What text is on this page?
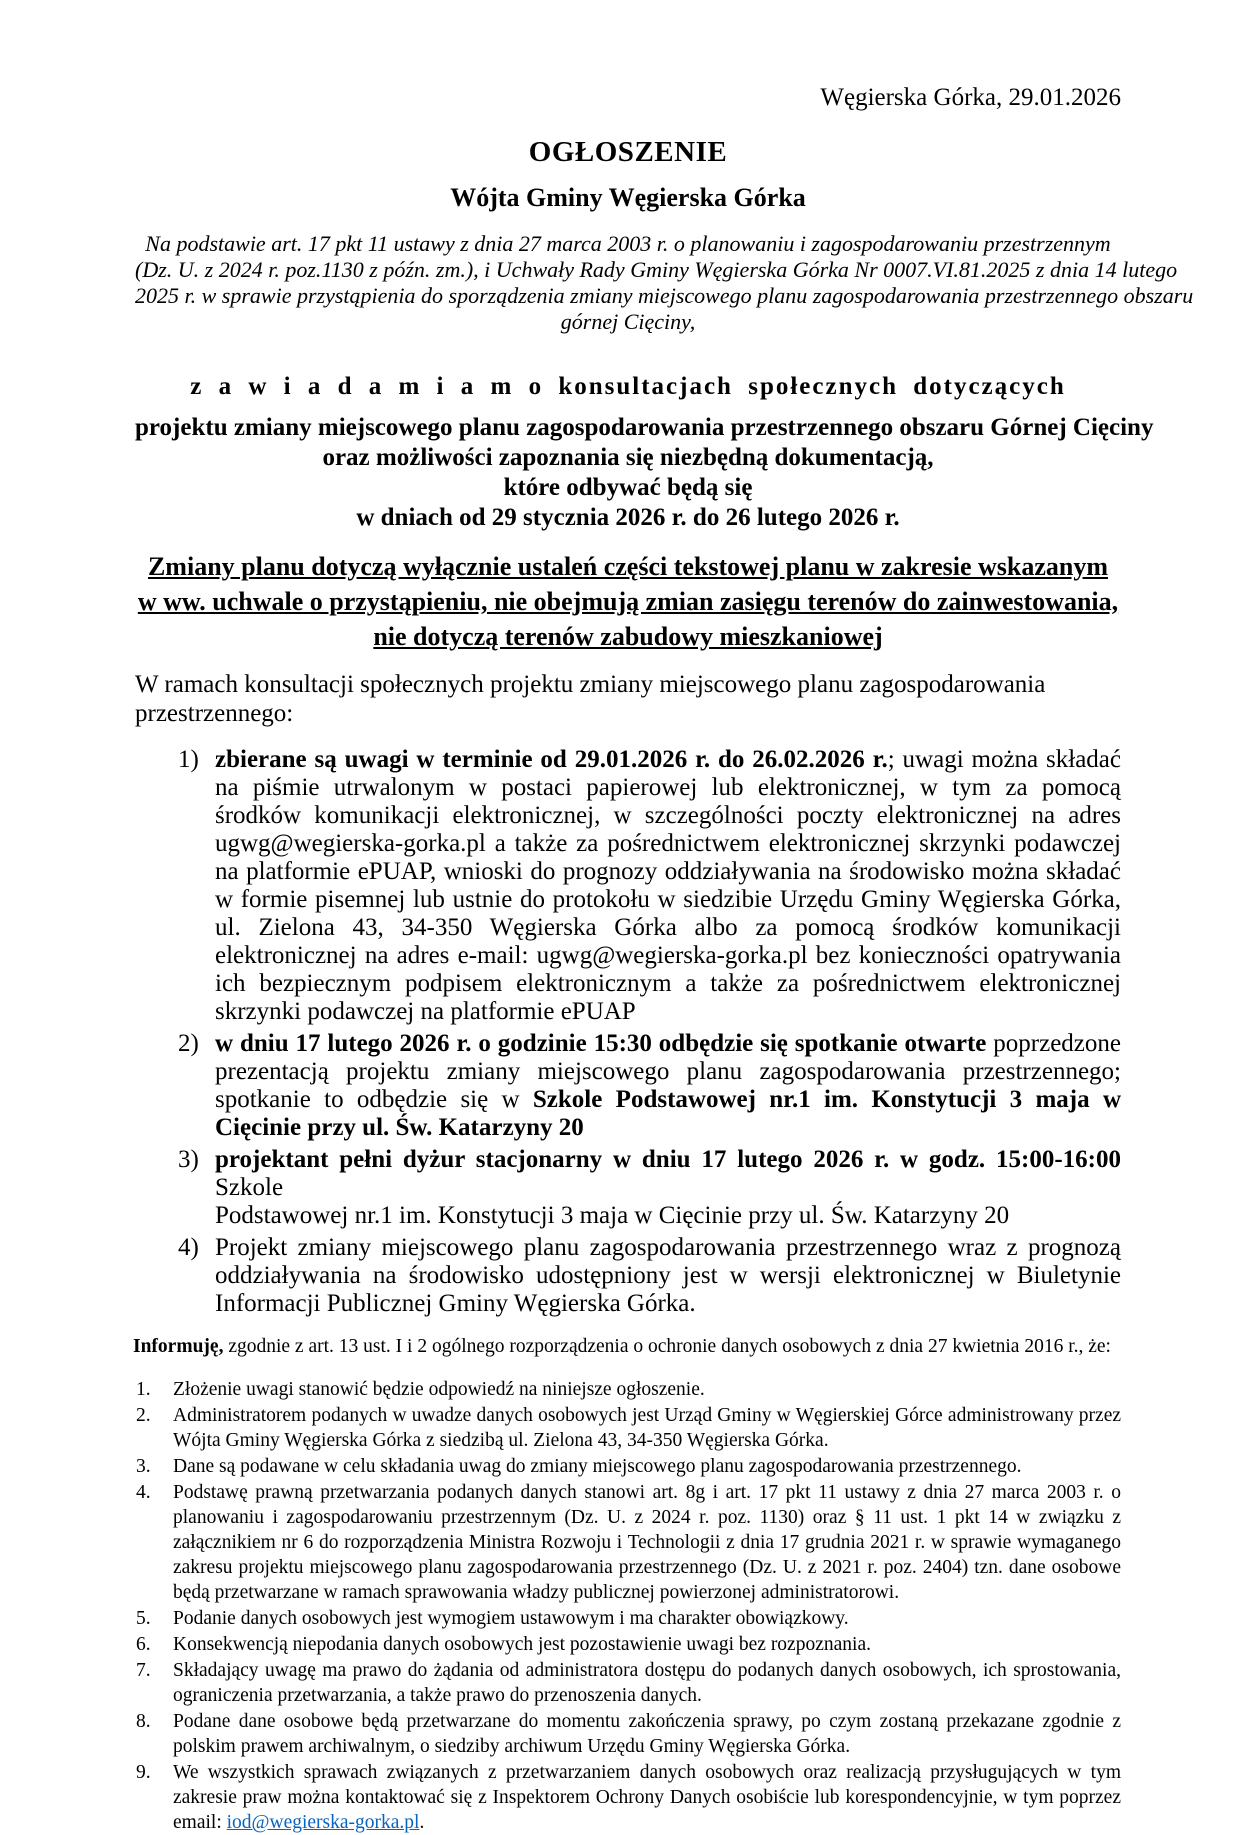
Węgierska Górka, 29.01.2026
OGŁOSZENIE
Wójta Gminy Węgierska Górka
Na podstawie art. 17 pkt 11 ustawy z dnia 27 marca 2003 r. o planowaniu i zagospodarowaniu przestrzennym
(Dz. U. z 2024 r. poz.1130 z późn. zm.), i Uchwały Rady Gminy Węgierska Górka Nr 0007.VI.81.2025 z dnia 14 lutego
2025 r. w sprawie przystąpienia do sporządzenia zmiany miejscowego planu zagospodarowania przestrzennego obszaru
górnej Cięciny,
z a w i a d a m i a m o konsultacjach społecznych dotyczących
projektu zmiany miejscowego planu zagospodarowania przestrzennego obszaru Górnej Cięciny
oraz możliwości zapoznania się niezbędną dokumentacją,
które odbywać będą się
w dniach od 29 stycznia 2026 r. do 26 lutego 2026 r.
Zmiany planu dotyczą wyłącznie ustaleń części tekstowej planu w zakresie wskazanym
w ww. uchwale o przystąpieniu, nie obejmują zmian zasięgu terenów do zainwestowania,
nie dotyczą terenów zabudowy mieszkaniowej
W ramach konsultacji społecznych projektu zmiany miejscowego planu zagospodarowania przestrzennego:
1) zbierane są uwagi w terminie od 29.01.2026 r. do 26.02.2026 r.; uwagi można składać na piśmie utrwalonym w postaci papierowej lub elektronicznej, w tym za pomocą środków komunikacji elektronicznej, w szczególności poczty elektronicznej na adres ugwg@wegierska-gorka.pl a także za pośrednictwem elektronicznej skrzynki podawczej na platformie ePUAP, wnioski do prognozy oddziaływania na środowisko można składać w formie pisemnej lub ustnie do protokołu w siedzibie Urzędu Gminy Węgierska Górka, ul. Zielona 43, 34-350 Węgierska Górka albo za pomocą środków komunikacji elektronicznej na adres e-mail: ugwg@wegierska-gorka.pl bez konieczności opatrywania ich bezpiecznym podpisem elektronicznym a także za pośrednictwem elektronicznej skrzynki podawczej na platformie ePUAP
2) w dniu 17 lutego 2026 r. o godzinie 15:30 odbędzie się spotkanie otwarte poprzedzone prezentacją projektu zmiany miejscowego planu zagospodarowania przestrzennego; spotkanie to odbędzie się w Szkole Podstawowej nr.1 im. Konstytucji 3 maja w Cięcinie przy ul. Św. Katarzyny 20
3) projektant pełni dyżur stacjonarny w dniu 17 lutego 2026 r. w godz. 15:00-16:00 Szkole
Podstawowej nr.1 im. Konstytucji 3 maja w Cięcinie przy ul. Św. Katarzyny 20
4) Projekt zmiany miejscowego planu zagospodarowania przestrzennego wraz z prognozą oddziaływania na środowisko udostępniony jest w wersji elektronicznej w Biuletynie Informacji Publicznej Gminy Węgierska Górka.
Informuję, zgodnie z art. 13 ust. I i 2 ogólnego rozporządzenia o ochronie danych osobowych z dnia 27 kwietnia 2016 r., że:
1. Złożenie uwagi stanowić będzie odpowiedź na niniejsze ogłoszenie.
2. Administratorem podanych w uwadze danych osobowych jest Urząd Gminy w Węgierskiej Górce administrowany przez Wójta Gminy Węgierska Górka z siedzibą ul. Zielona 43, 34-350 Węgierska Górka.
3. Dane są podawane w celu składania uwag do zmiany miejscowego planu zagospodarowania przestrzennego.
4. Podstawę prawną przetwarzania podanych danych stanowi art. 8g i art. 17 pkt 11 ustawy z dnia 27 marca 2003 r. o planowaniu i zagospodarowaniu przestrzennym (Dz. U. z 2024 r. poz. 1130) oraz § 11 ust. 1 pkt 14 w związku z załącznikiem nr 6 do rozporządzenia Ministra Rozwoju i Technologii z dnia 17 grudnia 2021 r. w sprawie wymaganego zakresu projektu miejscowego planu zagospodarowania przestrzennego (Dz. U. z 2021 r. poz. 2404) tzn. dane osobowe będą przetwarzane w ramach sprawowania władzy publicznej powierzonej administratorowi.
5. Podanie danych osobowych jest wymogiem ustawowym i ma charakter obowiązkowy.
6. Konsekwencją niepodania danych osobowych jest pozostawienie uwagi bez rozpoznania.
7. Składający uwagę ma prawo do żądania od administratora dostępu do podanych danych osobowych, ich sprostowania, ograniczenia przetwarzania, a także prawo do przenoszenia danych.
8. Podane dane osobowe będą przetwarzane do momentu zakończenia sprawy, po czym zostaną przekazane zgodnie z polskim prawem archiwalnym, o siedziby archiwum Urzędu Gminy Węgierska Górka.
9. We wszystkich sprawach związanych z przetwarzaniem danych osobowych oraz realizacją przysługujących w tym zakresie praw można kontaktować się z Inspektorem Ochrony Danych osobiście lub korespondencyjnie, w tym poprzez email: iod@wegierska-gorka.pl.
